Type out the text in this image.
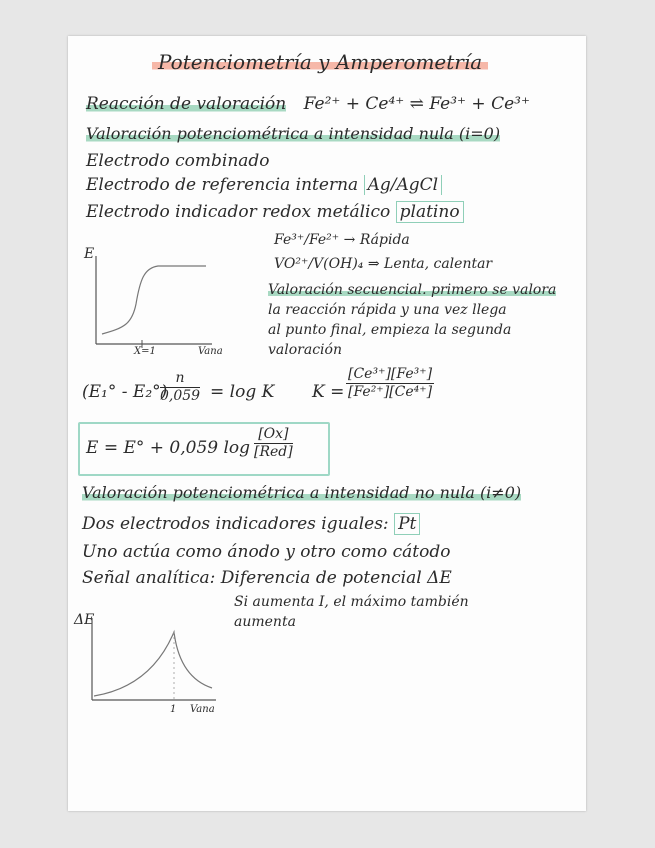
Potenciometría y Amperometría
Reacción de valoración Fe²⁺ + Ce⁴⁺ ⇌ Fe³⁺ + Ce³⁺
Valoración potenciométrica a intensidad nula (i=0)
Electrodo combinado
Electrodo de referencia interna Ag/AgCl
Electrodo indicador redox metálico platino
E
X=1	Vana
Fe³⁺/Fe²⁺ → Rápida
VO²⁺/V(OH)₄ ⇒ Lenta, calentar
Valoración secuencial. primero se valora
la reacción rápida y una vez llega
al punto final, empieza la segunda
valoración
(E₁° - E₂°)
$\frac{n}{0,059} = \log K$ $K = \frac{\text{[Ce³⁺][Fe³⁺]}}{\text{[Fe²⁺][Ce⁴⁺]}}$
E = E° + 0,059 log
[Ox]
[Red]
Valoración potenciométrica a intensidad no nula (i≠0)
Dos electrodos indicadores iguales: Pt
Uno actúa como ánodo y otro como cátodo
Señal analítica: Diferencia de potencial ΔE
Si aumenta I, el máximo también
aumenta
ΔE
1 Vana
